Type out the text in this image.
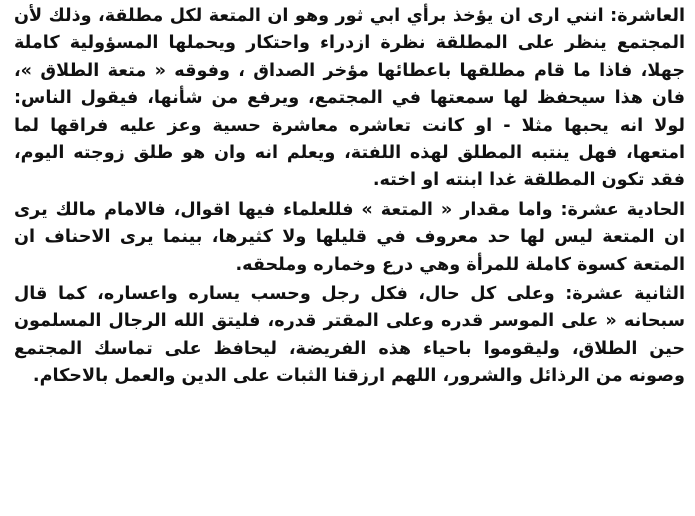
العاشرة: انني ارى ان يؤخذ برأي ابي ثور وهو ان المتعة لكل مطلقة، وذلك لأن المجتمع ينظر على المطلقة نظرة ازدراء واحتكار ويحملها المسؤولية كاملة جهلا، فاذا ما قام مطلقها باعطائها مؤخر الصداق ، وفوقه « متعة الطلاق »، فان هذا سيحفظ لها سمعتها في المجتمع، ويرفع من شأنها، فيقول الناس: لولا انه يحبها مثلا - او كانت تعاشره معاشرة حسية وعز عليه فراقها لما امتعها، فهل ينتبه المطلق لهذه اللفتة، ويعلم انه وان هو طلق زوجته اليوم، فقد تكون المطلقة غدا ابنته او اخته.

الحادية عشرة: واما مقدار « المتعة » فللعلماء فيها اقوال، فالامام مالك يرى ان المتعة ليس لها حد معروف في قليلها ولا كثيرها، بينما يرى الاحناف ان المتعة كسوة كاملة للمرأة وهي درع وخماره وملحقه.

الثانية عشرة: وعلى كل حال، فكل رجل وحسب يساره واعساره، كما قال سبحانه « على الموسر قدره وعلى المقتر قدره، فليتق الله الرجال المسلمون حين الطلاق، وليقوموا باحياء هذه الفريضة، ليحافظ على تماسك المجتمع وصونه من الرذائل والشرور، اللهم ارزقنا الثبات على الدين والعمل بالاحكام.
